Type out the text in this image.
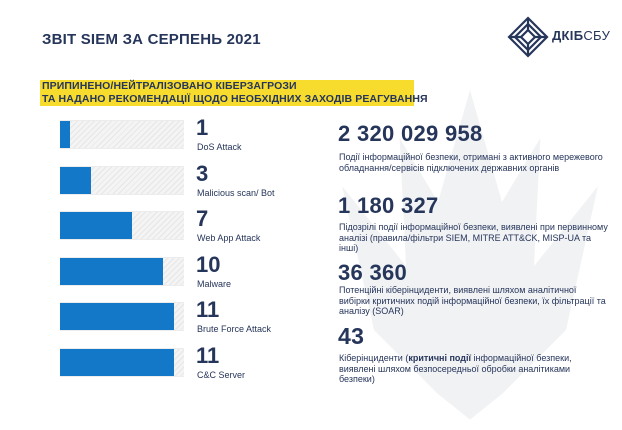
ЗВІТ SIEM ЗА СЕРПЕНЬ 2021	ДКІБСБУ
ПРИПИНЕНО/НЕЙТРАЛІЗОВАНО КІБЕРЗАГРОЗИ
ТА НАДАНО РЕКОМЕНДАЦІЇ ЩОДО НЕОБХІДНИХ ЗАХОДІВ РЕАГУВАННЯ
1
DoS Attack
3
Malicious scan/ Bot
7
Web App Attack
10
Malware
11
Brute Force Attack
11
C&C Server
2 320 029 958
Події інформаційної безпеки, отримані з активного мережевого обладнання/сервісів підключених державних органів
1 180 327
Підозрілі події інформаційної безпеки, виявлені при первинному аналізі (правила/фільтри SIEM, MITRE ATT&CK, MISP-UA та інші)
36 360
Потенційні кіберінциденти, виявлені шляхом аналітичної вибірки критичних подій інформаційної безпеки, їх фільтрації та аналізу (SOAR)
43
Кіберінциденти (критичні події інформаційної безпеки, виявлені шляхом безпосередньої обробки аналітиками безпеки)
